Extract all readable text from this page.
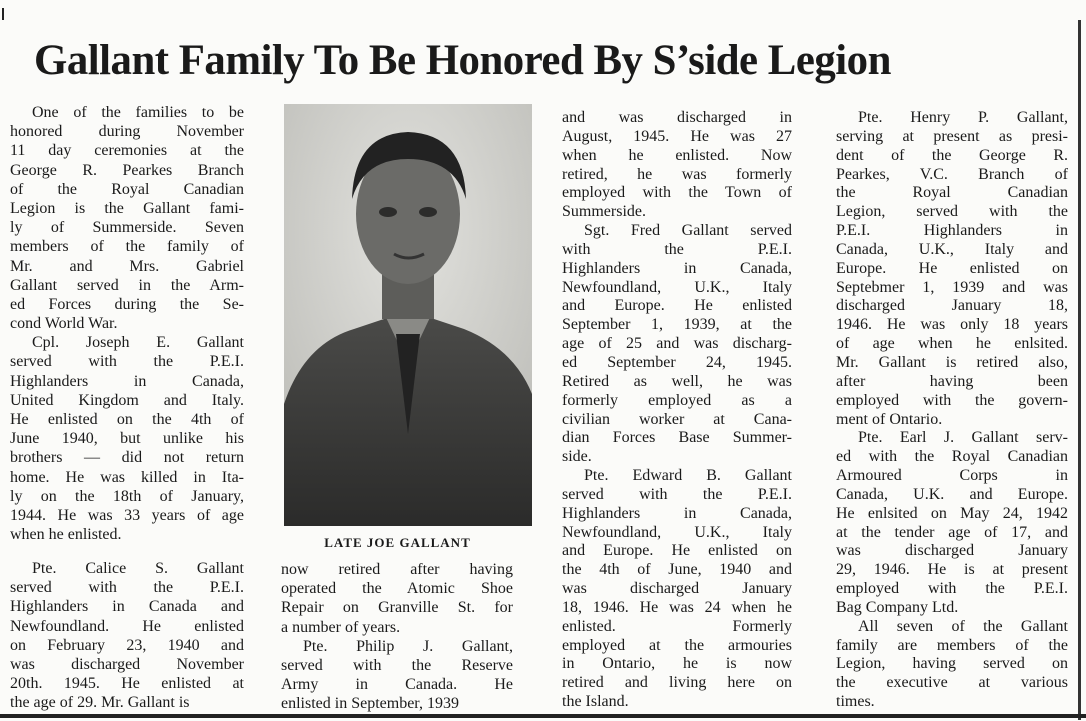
Gallant Family To Be Honored By S’side Legion
One of the families to be
honored during November
11 day ceremonies at the
George R. Pearkes Branch
of the Royal Canadian
Legion is the Gallant fami-
ly of Summerside. Seven
members of the family of
Mr. and Mrs. Gabriel
Gallant served in the Arm-
ed Forces during the Se-
cond World War.
Cpl. Joseph E. Gallant
served with the P.E.I.
Highlanders in Canada,
United Kingdom and Italy.
He enlisted on the 4th of
June 1940, but unlike his
brothers — did not return
home. He was killed in Ita-
ly on the 18th of January,
1944. He was 33 years of age
when he enlisted.
Pte. Calice S. Gallant
served with the P.E.I.
Highlanders in Canada and
Newfoundland. He enlisted
on February 23, 1940 and
was discharged November
20th. 1945. He enlisted at
the age of 29. Mr. Gallant is
LATE JOE GALLANT
now retired after having
operated the Atomic Shoe
Repair on Granville St. for
a number of years.
Pte. Philip J. Gallant,
served with the Reserve
Army in Canada. He
enlisted in September, 1939
and was discharged in
August, 1945. He was 27
when he enlisted. Now
retired, he was formerly
employed with the Town of
Summerside.
Sgt. Fred Gallant served
with the P.E.I.
Highlanders in Canada,
Newfoundland, U.K., Italy
and Europe. He enlisted
September 1, 1939, at the
age of 25 and was discharg-
ed September 24, 1945.
Retired as well, he was
formerly employed as a
civilian worker at Cana-
dian Forces Base Summer-
side.
Pte. Edward B. Gallant
served with the P.E.I.
Highlanders in Canada,
Newfoundland, U.K., Italy
and Europe. He enlisted on
the 4th of June, 1940 and
was discharged January
18, 1946. He was 24 when he
enlisted. Formerly
employed at the armouries
in Ontario, he is now
retired and living here on
the Island.
Pte. Henry P. Gallant,
serving at present as presi-
dent of the George R.
Pearkes, V.C. Branch of
the Royal Canadian
Legion, served with the
P.E.I. Highlanders in
Canada, U.K., Italy and
Europe. He enlisted on
Septebmer 1, 1939 and was
discharged January 18,
1946. He was only 18 years
of age when he enlsited.
Mr. Gallant is retired also,
after having been
employed with the govern-
ment of Ontario.
Pte. Earl J. Gallant serv-
ed with the Royal Canadian
Armoured Corps in
Canada, U.K. and Europe.
He enlsited on May 24, 1942
at the tender age of 17, and
was discharged January
29, 1946. He is at present
employed with the P.E.I.
Bag Company Ltd.
All seven of the Gallant
family are members of the
Legion, having served on
the executive at various
times.
